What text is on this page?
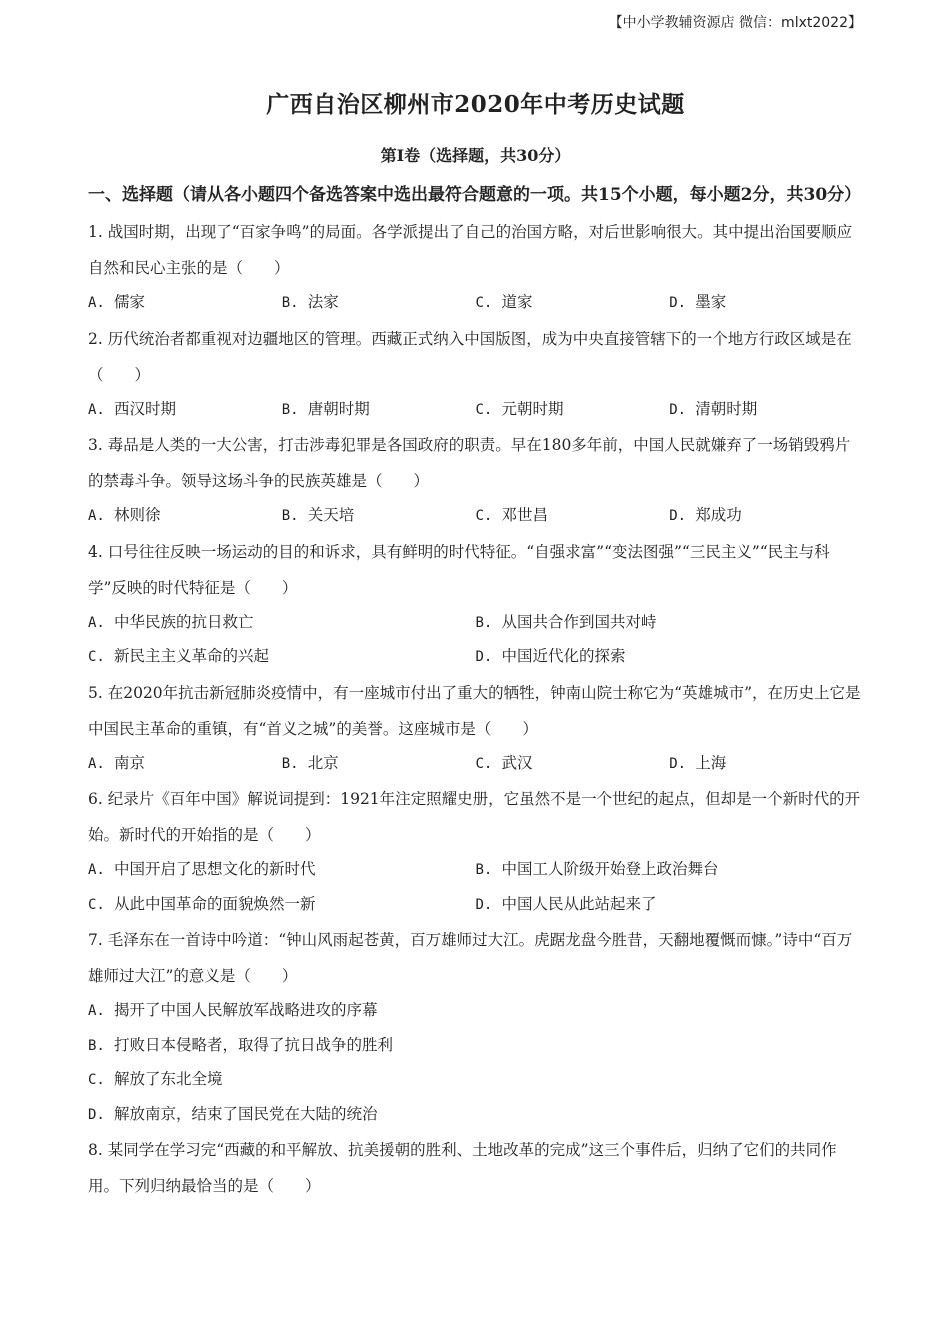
【中小学教辅资源店 微信：mlxt2022】
广西自治区柳州市2020年中考历史试题
第Ⅰ卷（选择题，共30分）
一、选择题（请从各小题四个备选答案中选出最符合题意的一项。共15个小题，每小题2分，共30分）

1. 战国时期，出现了“百家争鸣”的局面。各学派提出了自己的治国方略，对后世影响很大。其中提出治国要顺应自然和民心主张的是（　　）

A. 儒家	B. 法家	C. 道家	D. 墨家

2. 历代统治者都重视对边疆地区的管理。西藏正式纳入中国版图，成为中央直接管辖下的一个地方行政区域是在（　　）

A. 西汉时期	B. 唐朝时期	C. 元朝时期	D. 清朝时期

3. 毒品是人类的一大公害，打击涉毒犯罪是各国政府的职责。早在180多年前，中国人民就嫌弃了一场销毁鸦片的禁毒斗争。领导这场斗争的民族英雄是（　　）

A. 林则徐	B. 关天培	C. 邓世昌	D. 郑成功

4. 口号往往反映一场运动的目的和诉求，具有鲜明的时代特征。“自强求富”“变法图强”“三民主义”“民主与科学”反映的时代特征是（　　）

A. 中华民族的抗日救亡	B. 从国共合作到国共对峙
C. 新民主主义革命的兴起	D. 中国近代化的探索

5. 在2020年抗击新冠肺炎疫情中，有一座城市付出了重大的牺牲，钟南山院士称它为“英雄城市”，在历史上它是中国民主革命的重镇，有“首义之城”的美誉。这座城市是（　　）

A. 南京	B. 北京	C. 武汉	D. 上海

6. 纪录片《百年中国》解说词提到：1921年注定照耀史册，它虽然不是一个世纪的起点，但却是一个新时代的开始。新时代的开始指的是（　　）

A. 中国开启了思想文化的新时代	B. 中国工人阶级开始登上政治舞台
C. 从此中国革命的面貌焕然一新	D. 中国人民从此站起来了

7. 毛泽东在一首诗中吟道：“钟山风雨起苍黄，百万雄师过大江。虎踞龙盘今胜昔，天翻地覆慨而慷。”诗中“百万雄师过大江”的意义是（　　）

A. 揭开了中国人民解放军战略进攻的序幕
B. 打败日本侵略者，取得了抗日战争的胜利
C. 解放了东北全境
D. 解放南京，结束了国民党在大陆的统治

8. 某同学在学习完“西藏的和平解放、抗美援朝的胜利、土地改革的完成”这三个事件后，归纳了它们的共同作用。下列归纳最恰当的是（　　）
